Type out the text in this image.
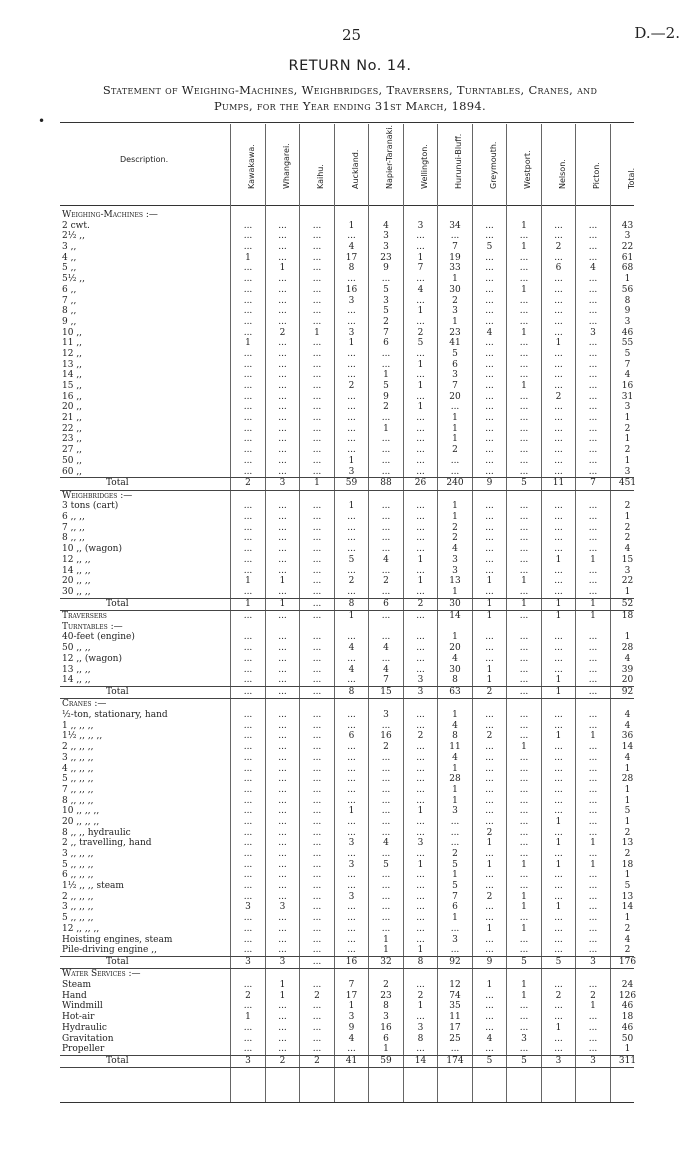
25	D.—2.
RETURN No. 14.
Statement of Weighing-Machines, Weighbridges, Traversers, Turntables, Cranes, and
Pumps, for the Year ending 31st March, 1894.
•
Description.	Kawakawa.	Whangarei.	Kaihu.	Auckland.	Napier-Taranaki.	Wellington.	Hurunui-Bluff.	Greymouth.	Westport.	Nelson.	Picton.	Total.
Weighing-Machines :—
2 cwt.	...	...	...	1	4	3	34	...	1	...	...	43
2½ ,,	...	...	...	...	3	...	...	...	...	...	...	3
3 ,,	...	...	...	4	3	...	7	5	1	2	...	22
4 ,,	1	...	...	17	23	1	19	...	...	...	...	61
5 ,,	...	1	...	8	9	7	33	...	...	6	4	68
5½ ,,	...	...	...	...	...	...	1	...	...	...	...	1
6 ,,	...	...	...	16	5	4	30	...	1	...	...	56
7 ,,	...	...	...	3	3	...	2	...	...	...	...	8
8 ,,	...	...	...	...	5	1	3	...	...	...	...	9
9 ,,	...	...	...	...	2	...	1	...	...	...	...	3
10 ,,	...	2	1	3	7	2	23	4	1	...	3	46
11 ,,	1	...	...	1	6	5	41	...	...	1	...	55
12 ,,	...	...	...	...	...	...	5	...	...	...	...	5
13 ,,	...	...	...	...	...	1	6	...	...	...	...	7
14 ,,	...	...	...	...	1	...	3	...	...	...	...	4
15 ,,	...	...	...	2	5	1	7	...	1	...	...	16
16 ,,	...	...	...	...	9	...	20	...	...	2	...	31
20 ,,	...	...	...	...	2	1	...	...	...	...	...	3
21 ,,	...	...	...	...	...	...	1	...	...	...	...	1
22 ,,	...	...	...	...	1	...	1	...	...	...	...	2
23 ,,	...	...	...	...	...	...	1	...	...	...	...	1
27 ,,	...	...	...	...	...	...	2	...	...	...	...	2
50 ,,	...	...	...	1	...	...	...	...	...	...	...	1
60 ,,	...	...	...	3	...	...	...	...	...	...	...	3
Total	2	3	1	59	88	26	240	9	5	11	7	451
Weighbridges :—
3 tons (cart)	...	...	...	1	...	...	1	...	...	...	...	2
6 ,, ,,	...	...	...	...	...	...	1	...	...	...	...	1
7 ,, ,,	...	...	...	...	...	...	2	...	...	...	...	2
8 ,, ,,	...	...	...	...	...	...	2	...	...	...	...	2
10 ,, (wagon)	...	...	...	...	...	...	4	...	...	...	...	4
12 ,, ,,	...	...	...	5	4	1	3	...	...	1	1	15
14 ,, ,,	...	...	...	...	...	...	3	...	...	...	...	3
20 ,, ,,	1	1	...	2	2	1	13	1	1	...	...	22
30 ,, ,,	...	...	...	...	...	...	1	...	...	...	...	1
Total	1	1	...	8	6	2	30	1	1	1	1	52
Traversers	...	...	...	1	...	...	14	1	...	1	1	18
Turntables :—
40-feet (engine)	...	...	...	...	...	...	1	...	...	...	...	1
50 ,, ,,	...	...	...	4	4	...	20	...	...	...	...	28
12 ,, (wagon)	...	...	...	...	...	...	4	...	...	...	...	4
13 ,, ,,	...	...	...	4	4	...	30	1	...	...	...	39
14 ,, ,,	...	...	...	...	7	3	8	1	...	1	...	20
Total	...	...	...	8	15	3	63	2	...	1	...	92
Cranes :—
½-ton, stationary, hand	...	...	...	...	3	...	1	...	...	...	...	4
1 ,, ,, ,,	...	...	...	...	...	...	4	...	...	...	...	4
1½ ,, ,, ,,	...	...	...	6	16	2	8	2	...	1	1	36
2 ,, ,, ,,	...	...	...	...	2	...	11	...	1	...	...	14
3 ,, ,, ,,	...	...	...	...	...	...	4	...	...	...	...	4
4 ,, ,, ,,	...	...	...	...	...	...	1	...	...	...	...	1
5 ,, ,, ,,	...	...	...	...	...	...	28	...	...	...	...	28
7 ,, ,, ,,	...	...	...	...	...	...	1	...	...	...	...	1
8 ,, ,, ,,	...	...	...	...	...	...	1	...	...	...	...	1
10 ,, ,, ,,	...	...	...	1	...	1	3	...	...	...	...	5
20 ,, ,, ,,	...	...	...	...	...	...	...	...	...	1	...	1
8 ,, ,, hydraulic	...	...	...	...	...	...	...	2	...	...	...	2
2 ,, travelling, hand	...	...	...	3	4	3	...	1	...	1	1	13
3 ,, ,, ,,	...	...	...	...	...	...	2	...	...	...	...	2
5 ,, ,, ,,	...	...	...	3	5	1	5	1	1	1	1	18
6 ,, ,, ,,	...	...	...	...	...	...	1	...	...	...	...	1
1½ ,, ,, steam	...	...	...	...	...	...	5	...	...	...	...	5
2 ,, ,, ,,	...	...	...	3	...	...	7	2	1	...	...	13
3 ,, ,, ,,	3	3	...	...	...	...	6	...	1	1	...	14
5 ,, ,, ,,	...	...	...	...	...	...	1	...	...	...	...	1
12 ,, ,, ,,	...	...	...	...	...	...	...	1	1	...	...	2
Hoisting engines, steam	...	...	...	...	1	...	3	...	...	...	...	4
Pile-driving engine ,,	...	...	...	...	1	1	...	...	...	...	...	2
Total	3	3	...	16	32	8	92	9	5	5	3	176
Water Services :—
Steam	...	1	...	7	2	...	12	1	1	...	...	24
Hand	2	1	2	17	23	2	74	...	1	2	2	126
Windmill	...	...	...	1	8	1	35	...	...	...	1	46
Hot-air	1	...	...	3	3	...	11	...	...	...	...	18
Hydraulic	...	...	...	9	16	3	17	...	...	1	...	46
Gravitation	...	...	...	4	6	8	25	4	3	...	...	50
Propeller	...	...	...	...	1	...	...	...	...	...	...	1
Total	3	2	2	41	59	14	174	5	5	3	3	311
